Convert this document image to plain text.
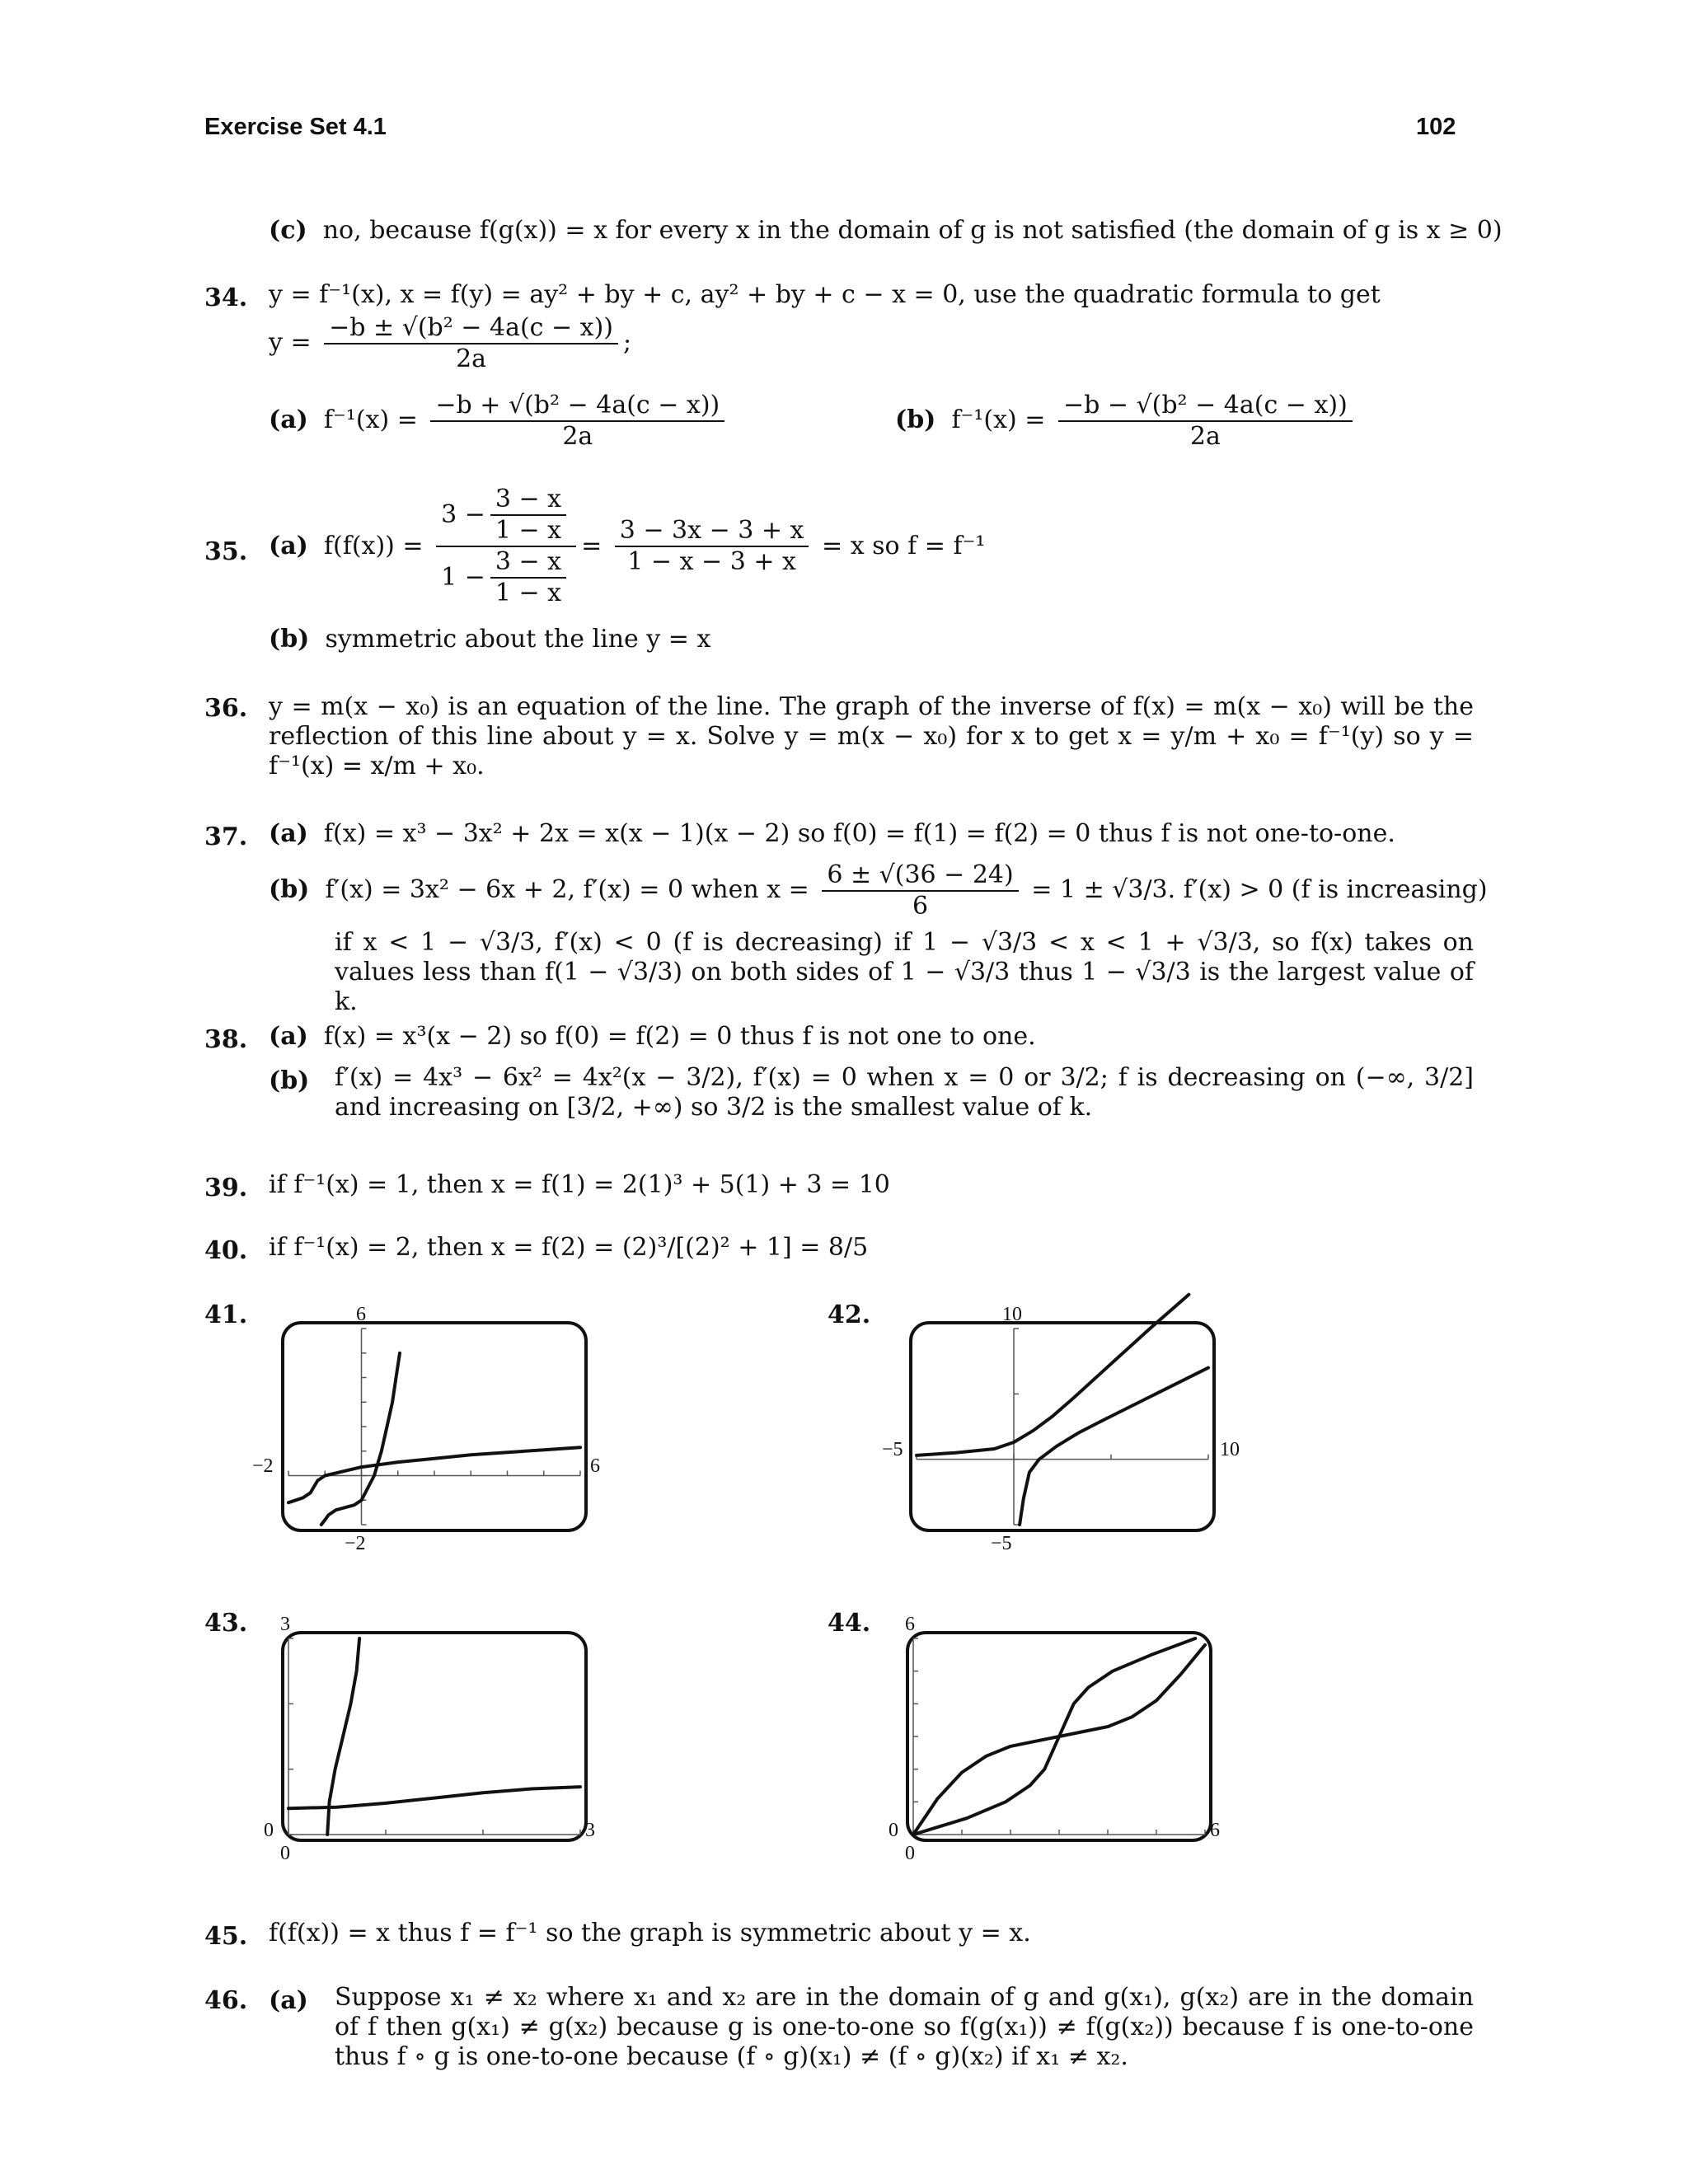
Exercise Set 4.1	102
(c) no, because f(g(x)) = x for every x in the domain of g is not satisfied (the domain of g is x ≥ 0)
34. y = f⁻¹(x), x = f(y) = ay² + by + c, ay² + by + c − x = 0, use the quadratic formula to get
$y = \frac{\text{−b ± √(b² − 4a(c − x))}}{2a}$ ;
(a) $f^{-1}(x) = \frac{\text{−b + √(b² − 4a(c − x))}}{2a}$	(b) $f^{-1}(x) = \frac{\text{−b − √(b² − 4a(c − x))}}{2a}$
35. (a) $f(f(x)) = \frac{3 - \frac{3 - x}{1 - x}}{1 - \frac{3 - x}{1 - x}} = \frac{3 - 3x - 3 + x}{1 - x - 3 + x} = x$ so f = f⁻¹
(b) symmetric about the line y = x
36. y = m(x − x₀) is an equation of the line. The graph of the inverse of f(x) = m(x − x₀) will be the reflection of this line about y = x. Solve y = m(x − x₀) for x to get x = y/m + x₀ = f⁻¹(y) so y = f⁻¹(x) = x/m + x₀.
37. (a) f(x) = x³ − 3x² + 2x = x(x − 1)(x − 2) so f(0) = f(1) = f(2) = 0 thus f is not one-to-one.
(b) f′(x) = 3x² − 6x + 2, f′(x) = 0 when $x = \frac{6 \pm √(36 - 24)}{6} = 1 \pm √3/3$. f′(x) > 0 (f is increasing)
if x < 1 − √3/3, f′(x) < 0 (f is decreasing) if 1 − √3/3 < x < 1 + √3/3, so f(x) takes on values less than f(1 − √3/3) on both sides of 1 − √3/3 thus 1 − √3/3 is the largest value of k.
38. (a) f(x) = x³(x − 2) so f(0) = f(2) = 0 thus f is not one to one.
(b) f′(x) = 4x³ − 6x² = 4x²(x − 3/2), f′(x) = 0 when x = 0 or 3/2; f is decreasing on (−∞, 3/2] and increasing on [3/2, +∞) so 3/2 is the smallest value of k.
39. if f⁻¹(x) = 1, then x = f(1) = 2(1)³ + 5(1) + 3 = 10
40. if f⁻¹(x) = 2, then x = f(2) = (2)³/[(2)² + 1] = 8/5
41.	42.
43.	44.
6
−2
−2	6
10
−5
−5	10
3
0
0	3
6
0
0	6
45. f(f(x)) = x thus f = f⁻¹ so the graph is symmetric about y = x.
46. (a) Suppose x₁ ≠ x₂ where x₁ and x₂ are in the domain of g and g(x₁), g(x₂) are in the domain of f then g(x₁) ≠ g(x₂) because g is one-to-one so f(g(x₁)) ≠ f(g(x₂)) because f is one-to-one thus f ∘ g is one-to-one because (f ∘ g)(x₁) ≠ (f ∘ g)(x₂) if x₁ ≠ x₂.
